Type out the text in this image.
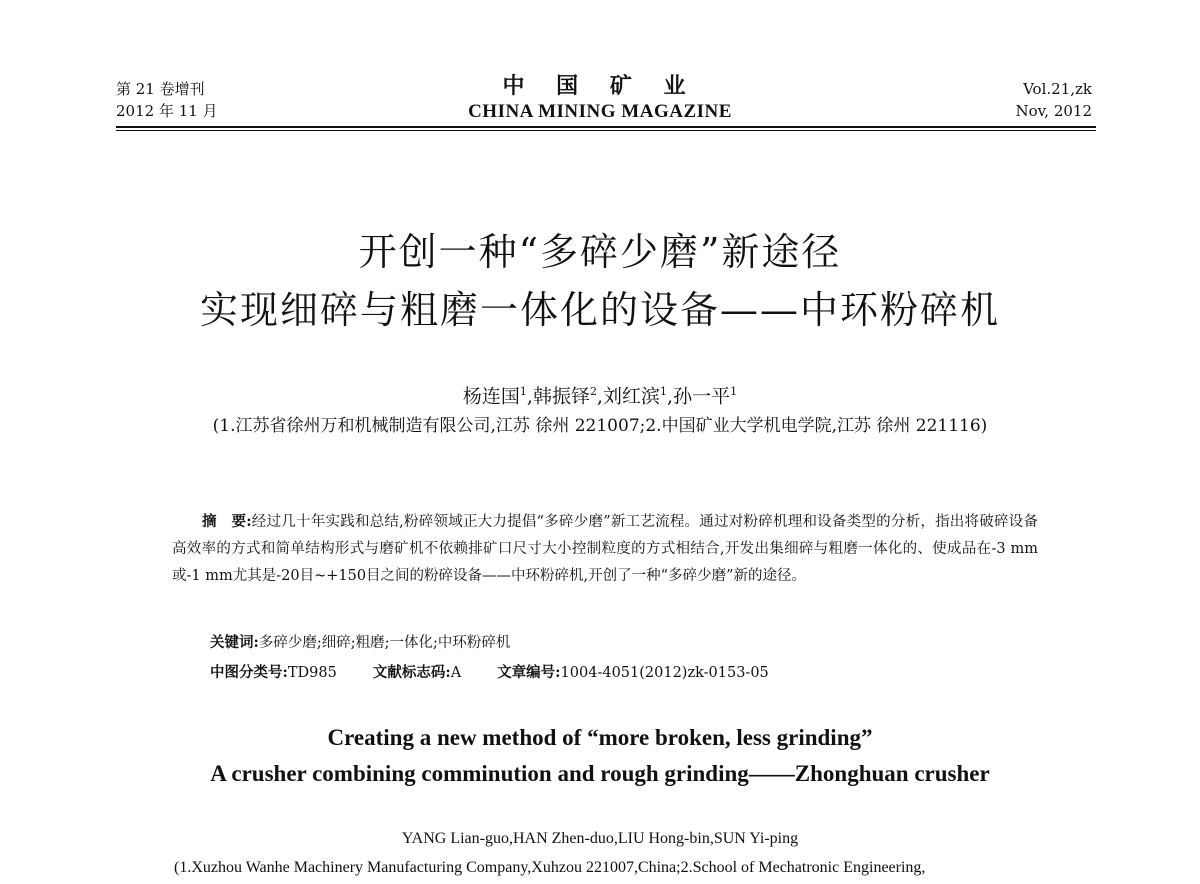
第 21 卷增刊
2012 年 11 月
中 国 矿 业
CHINA MINING MAGAZINE
Vol.21,zk
Nov, 2012
开创一种“多碎少磨”新途径
实现细碎与粗磨一体化的设备——中环粉碎机
杨连国$^1$,韩振铎$^2$,刘红滨$^1$,孙一平$^1$
(1.江苏省徐州万和机械制造有限公司,江苏 徐州 221007;2.中国矿业大学机电学院,江苏 徐州 221116)
摘　要:经过几十年实践和总结,粉碎领域正大力提倡“多碎少磨”新工艺流程。通过对粉碎机理和设备类型的分析，指出将破碎设备高效率的方式和简单结构形式与磨矿机不依赖排矿口尺寸大小控制粒度的方式相结合,开发出集细碎与粗磨一体化的、使成品在-3 mm或-1 mm尤其是-20目~+150目之间的粉碎设备——中环粉碎机,开创了一种“多碎少磨”新的途径。
关键词:多碎少磨;细碎;粗磨;一体化;中环粉碎机
中图分类号:TD985 文献标志码:A 文章编号:1004-4051(2012)zk-0153-05
Creating a new method of “more broken, less grinding”
A crusher combining comminution and rough grinding——Zhonghuan crusher
YANG Lian-guo,HAN Zhen-duo,LIU Hong-bin,SUN Yi-ping
(1.Xuzhou Wanhe Machinery Manufacturing Company,Xuhzou 221007,China;2.School of Mechatronic Engineering,
